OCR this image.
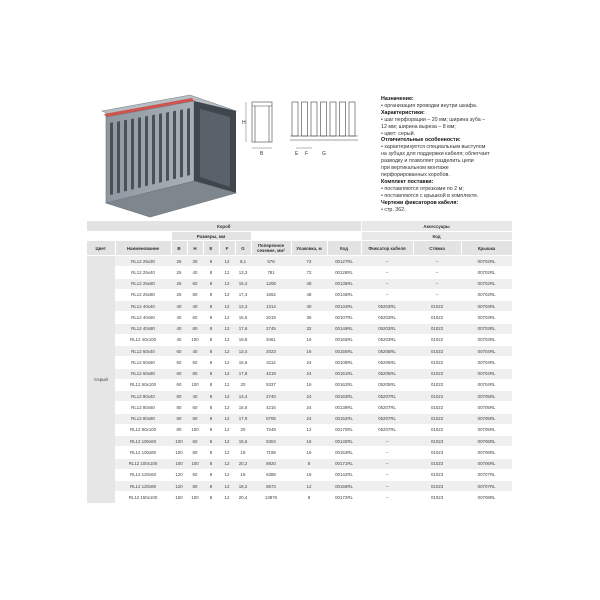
H
B	E F	G
Назначение:
• организация проводки внутри шкафа.
Характеристики:
• шаг перфорации – 20 мм; ширина зуба –
12 мм; ширина выреза – 8 мм;
• цвет: серый.
Отличительные особенности:
• характеризуется специальным выступом
на зубцах для поддержки кабеля; облегчает
разводку и позволяет разделить цепи
при вертикальном монтаже
перфорированных коробов.
Комплект поставки:
• поставляются отрезками по 2 м;
• поставляются с крышкой в комплекте.
Чертежи фиксаторов кабеля:
• стр. 362.
Короб										Аксессуары		
		Размеры, мм								Код		
Цвет	Наименование	B	H	E	F	G	Поперечное сечение, мм²	Упаковка, м	Код	Фиксатор кабеля	Стяжка	Крышка
Серый	RL12 25х30	25	30	8	12	9,1	578	72	00127RL	–	–	00702RL
	RL12 25х40	25	40	8	12	13,3	781	72	00128RL	–	–	00702RL
	RL12 25х60	25	60	8	12	15,4	1206	48	00136RL	–	–	00702RL
	RL12 25х80	25	80	8	12	17,4	1652	48	00146RL	–	–	00702RL
	RL12 40х40	40	40	8	12	13,3	1314	40	00134RL	05203RL	01022	00703RL
	RL12 40х60	40	60	8	12	15,5	2019	36	00107RL	05203RL	01022	00703RL
	RL12 40х80	40	80	8	12	17,6	2745	32	00149RL	05203RL	01022	00703RL
	RL12 40х100	40	100	8	12	19,8	3461	16	00165RL	05203RL	01022	00703RL
	RL12 60х40	60	40	8	12	13,4	2023	16	00155RL	05205RL	01022	00704RL
	RL12 60х60	60	60	8	12	15,6	3114	24	00108RL	05205RL	01022	00704RL
	RL12 60х80	60	80	8	12	17,8	4219	24	00151RL	05205RL	01022	00704RL
	RL12 60х100	60	100	8	12	20	5337	16	00162RL	05205RL	01022	00704RL
	RL12 80х40	80	40	8	12	13,4	2740	24	00163RL	05207RL	01022	00705RL
	RL12 80х60	80	60	8	12	15,6	4216	24	00139RL	05207RL	01022	00705RL
	RL12 80х80	80	80	8	12	17,9	5706	24	00152RL	05207RL	01022	00705RL
	RL12 80х100	80	100	8	12	20	7248	12	00170RL	05207RL	01022	00705RL
	RL12 100х60	100	60	8	12	15,6	5304	16	00140RL	–	01023	00706RL
	RL12 100х80	100	80	8	12	18	7198	16	00153RL	–	01023	00706RL
	RL12 100х100	100	100	8	12	20,2	8920	8	00171RL	–	01023	00706RL
	RL12 120х60	120	60	8	12	16	6388	16	00142RL	–	01023	00707RL
	RL12 120х80	120	80	8	12	18,2	8673	12	00159RL	–	01023	00707RL
	RL12 150х100	150	100	8	12	20,4	13876	8	00172RL	–	01023	00708RL
